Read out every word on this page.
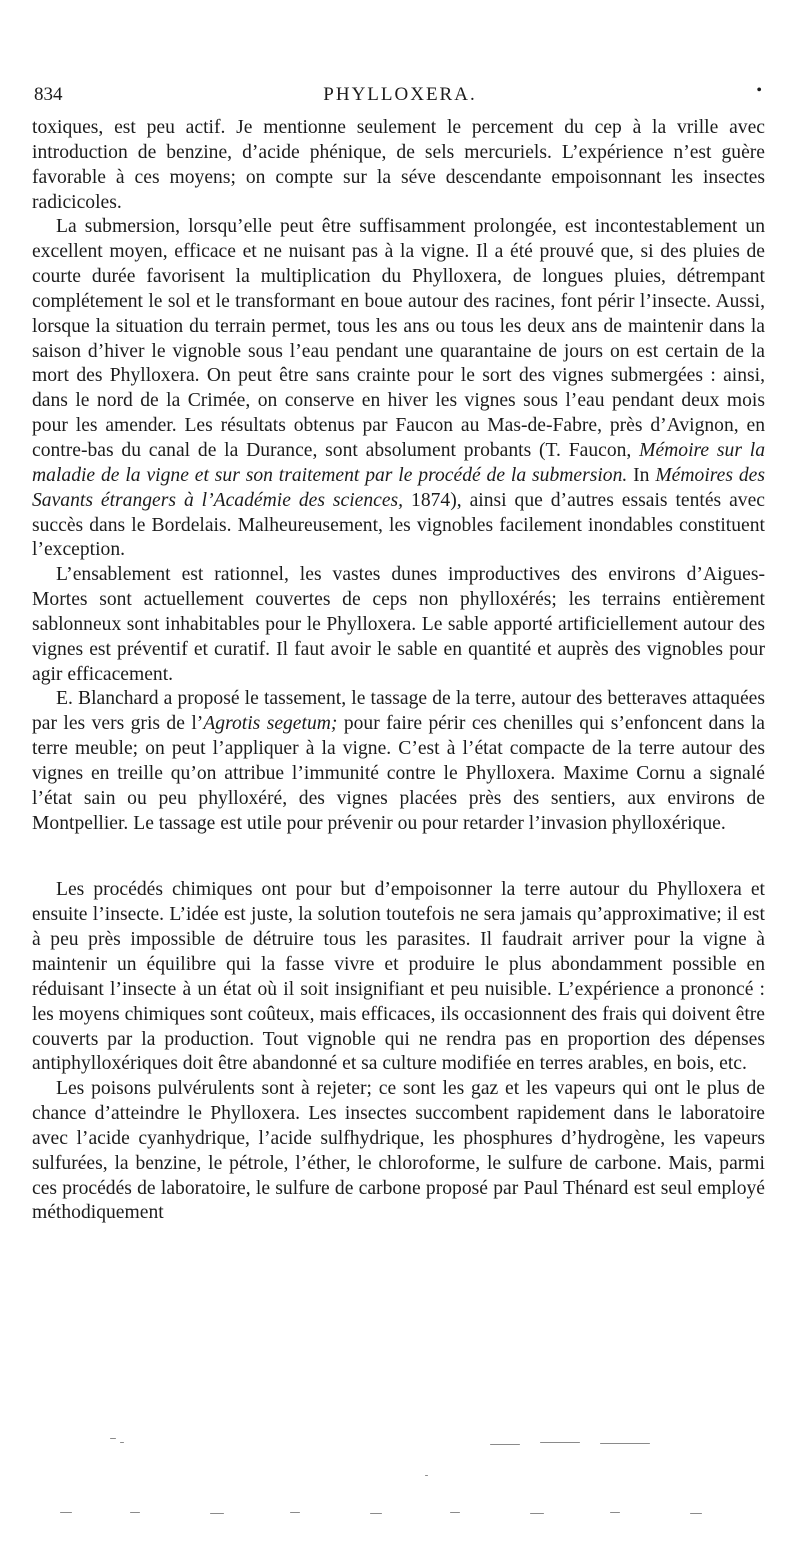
834	PHYLLOXERA.	•

toxiques, est peu actif. Je mentionne seulement le percement du cep à la vrille avec introduction de benzine, d’acide phénique, de sels mercuriels. L’expérience n’est guère favorable à ces moyens; on compte sur la séve descendante empoisonnant les insectes radicicoles.

La submersion, lorsqu’elle peut être suffisamment prolongée, est incontestablement un excellent moyen, efficace et ne nuisant pas à la vigne. Il a été prouvé que, si des pluies de courte durée favorisent la multiplication du Phylloxera, de longues pluies, détrempant complétement le sol et le transformant en boue autour des racines, font périr l’insecte. Aussi, lorsque la situation du terrain permet, tous les ans ou tous les deux ans de maintenir dans la saison d’hiver le vignoble sous l’eau pendant une quarantaine de jours on est certain de la mort des Phylloxera. On peut être sans crainte pour le sort des vignes submergées : ainsi, dans le nord de la Crimée, on conserve en hiver les vignes sous l’eau pendant deux mois pour les amender. Les résultats obtenus par Faucon au Mas-de-Fabre, près d’Avignon, en contre-bas du canal de la Durance, sont absolument probants (T. Faucon, Mémoire sur la maladie de la vigne et sur son traitement par le procédé de la submersion. In Mémoires des Savants étrangers à l’Académie des sciences, 1874), ainsi que d’autres essais tentés avec succès dans le Bordelais. Malheureusement, les vignobles facilement inondables constituent l’exception.

L’ensablement est rationnel, les vastes dunes improductives des environs d’Aigues-Mortes sont actuellement couvertes de ceps non phylloxérés; les terrains entièrement sablonneux sont inhabitables pour le Phylloxera. Le sable apporté artificiellement autour des vignes est préventif et curatif. Il faut avoir le sable en quantité et auprès des vignobles pour agir efficacement.

E. Blanchard a proposé le tassement, le tassage de la terre, autour des betteraves attaquées par les vers gris de l’Agrotis segetum; pour faire périr ces chenilles qui s’enfoncent dans la terre meuble; on peut l’appliquer à la vigne. C’est à l’état compacte de la terre autour des vignes en treille qu’on attribue l’immunité contre le Phylloxera. Maxime Cornu a signalé l’état sain ou peu phylloxéré, des vignes placées près des sentiers, aux environs de Montpellier. Le tassage est utile pour prévenir ou pour retarder l’invasion phylloxérique.

Les procédés chimiques ont pour but d’empoisonner la terre autour du Phylloxera et ensuite l’insecte. L’idée est juste, la solution toutefois ne sera jamais qu’approximative; il est à peu près impossible de détruire tous les parasites. Il faudrait arriver pour la vigne à maintenir un équilibre qui la fasse vivre et produire le plus abondamment possible en réduisant l’insecte à un état où il soit insignifiant et peu nuisible. L’expérience a prononcé : les moyens chimiques sont coûteux, mais efficaces, ils occasionnent des frais qui doivent être couverts par la production. Tout vignoble qui ne rendra pas en proportion des dépenses antiphylloxériques doit être abandonné et sa culture modifiée en terres arables, en bois, etc.

Les poisons pulvérulents sont à rejeter; ce sont les gaz et les vapeurs qui ont le plus de chance d’atteindre le Phylloxera. Les insectes succombent rapidement dans le laboratoire avec l’acide cyanhydrique, l’acide sulfhydrique, les phosphures d’hydrogène, les vapeurs sulfurées, la benzine, le pétrole, l’éther, le chloroforme, le sulfure de carbone. Mais, parmi ces procédés de laboratoire, le sulfure de carbone proposé par Paul Thénard est seul employé méthodiquement
